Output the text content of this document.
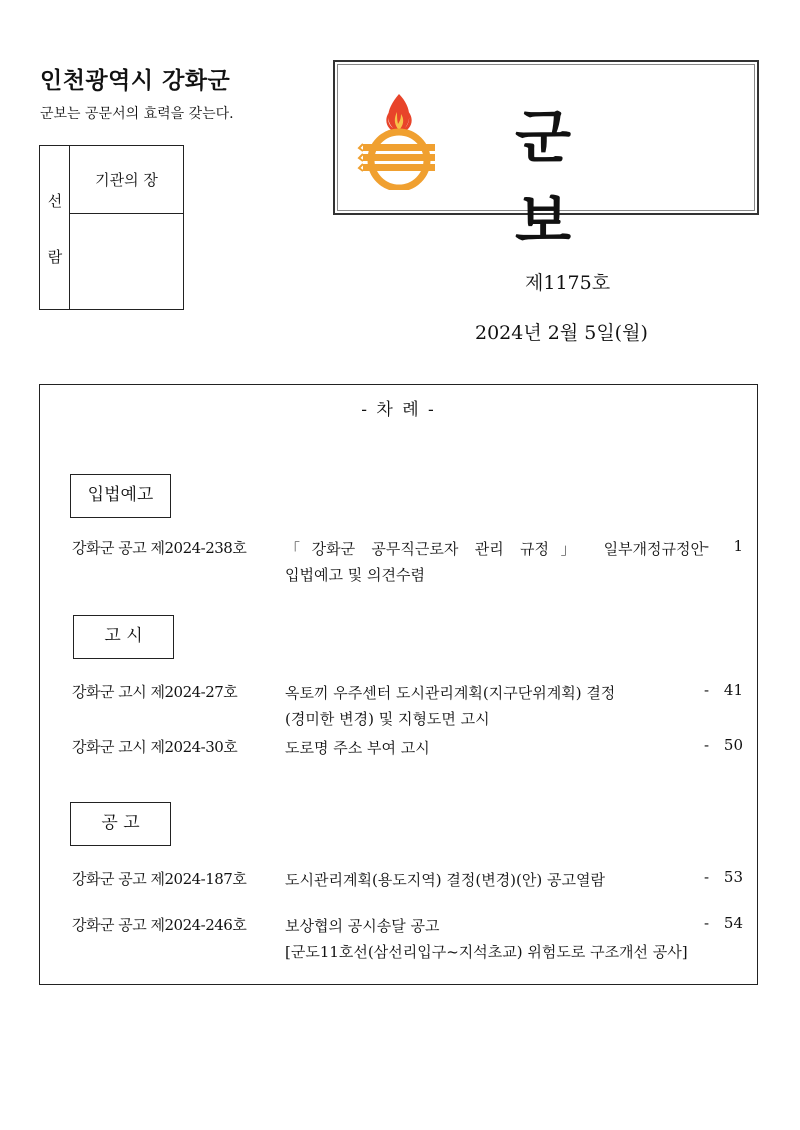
인천광역시 강화군
군보는 공문서의 효력을 갖는다.
선
람
기관의 장
군보
제1175호
2024년 2월 5일(월)
- 차 례 -
입법예고
강화군 공고 제2024-238호	「강화군 공무직근로자 관리 규정」 일부개정규정안 - 1
입법예고 및 의견수렴
고 시
강화군 고시 제2024-27호	옥토끼 우주센터 도시관리계획(지구단위계획) 결정	- 41
(경미한 변경) 및 지형도면 고시
강화군 고시 제2024-30호	도로명 주소 부여 고시	- 50
공 고
강화군 공고 제2024-187호	도시관리계획(용도지역) 결정(변경)(안) 공고열람	- 53
강화군 공고 제2024-246호	보상협의 공시송달 공고	- 54
[군도11호선(삼선리입구~지석초교) 위험도로 구조개선 공사]
